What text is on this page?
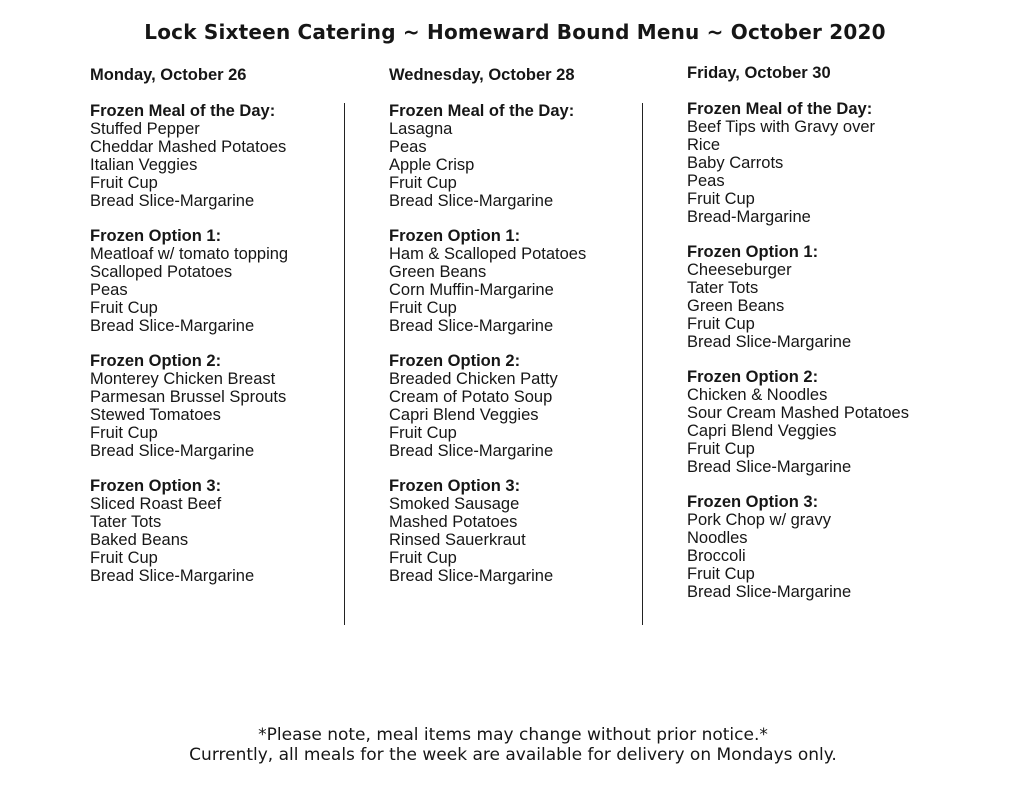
Lock Sixteen Catering ~ Homeward Bound Menu ~ October 2020
Monday, October 26
Frozen Meal of the Day:
Stuffed Pepper
Cheddar Mashed Potatoes
Italian Veggies
Fruit Cup
Bread Slice-Margarine
Frozen Option 1:
Meatloaf w/ tomato topping
Scalloped Potatoes
Peas
Fruit Cup
Bread Slice-Margarine
Frozen Option 2:
Monterey Chicken Breast
Parmesan Brussel Sprouts
Stewed Tomatoes
Fruit Cup
Bread Slice-Margarine
Frozen Option 3:
Sliced Roast Beef
Tater Tots
Baked Beans
Fruit Cup
Bread Slice-Margarine
Wednesday, October 28
Frozen Meal of the Day:
Lasagna
Peas
Apple Crisp
Fruit Cup
Bread Slice-Margarine
Frozen Option 1:
Ham & Scalloped Potatoes
Green Beans
Corn Muffin-Margarine
Fruit Cup
Bread Slice-Margarine
Frozen Option 2:
Breaded Chicken Patty
Cream of Potato Soup
Capri Blend Veggies
Fruit Cup
Bread Slice-Margarine
Frozen Option 3:
Smoked Sausage
Mashed Potatoes
Rinsed Sauerkraut
Fruit Cup
Bread Slice-Margarine
Friday, October 30
Frozen Meal of the Day:
Beef Tips with Gravy over
Rice
Baby Carrots
Peas
Fruit Cup
Bread-Margarine
Frozen Option 1:
Cheeseburger
Tater Tots
Green Beans
Fruit Cup
Bread Slice-Margarine
Frozen Option 2:
Chicken & Noodles
Sour Cream Mashed Potatoes
Capri Blend Veggies
Fruit Cup
Bread Slice-Margarine
Frozen Option 3:
Pork Chop w/ gravy
Noodles
Broccoli
Fruit Cup
Bread Slice-Margarine
*Please note, meal items may change without prior notice.*
Currently, all meals for the week are available for delivery on Mondays only.
